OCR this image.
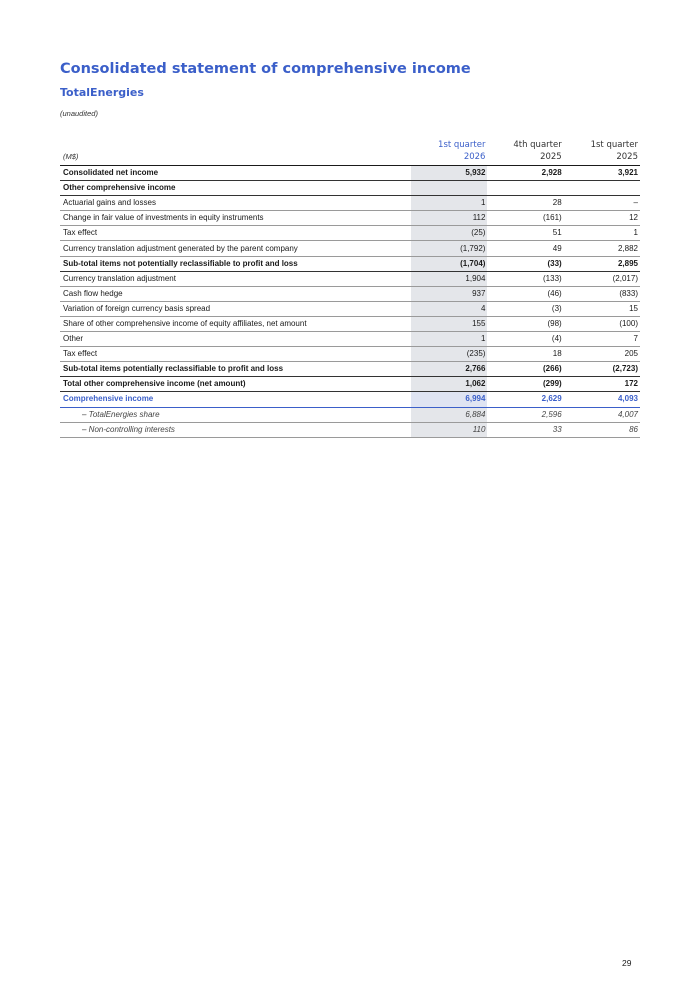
Consolidated statement of comprehensive income
TotalEnergies
(unaudited)
	1st quarter	4th quarter	1st quarter
(M$)	2026	2025	2025
Consolidated net income	5,932	2,928	3,921
Other comprehensive income			
Actuarial gains and losses	1	28	–
Change in fair value of investments in equity instruments	112	(161)	12
Tax effect	(25)	51	1
Currency translation adjustment generated by the parent company	(1,792)	49	2,882
Sub-total items not potentially reclassifiable to profit and loss	(1,704)	(33)	2,895
Currency translation adjustment	1,904	(133)	(2,017)
Cash flow hedge	937	(46)	(833)
Variation of foreign currency basis spread	4	(3)	15
Share of other comprehensive income of equity affiliates, net amount	155	(98)	(100)
Other	1	(4)	7
Tax effect	(235)	18	205
Sub-total items potentially reclassifiable to profit and loss	2,766	(266)	(2,723)
Total other comprehensive income (net amount)	1,062	(299)	172
Comprehensive income	6,994	2,629	4,093
– TotalEnergies share	6,884	2,596	4,007
– Non-controlling interests	110	33	86
29
